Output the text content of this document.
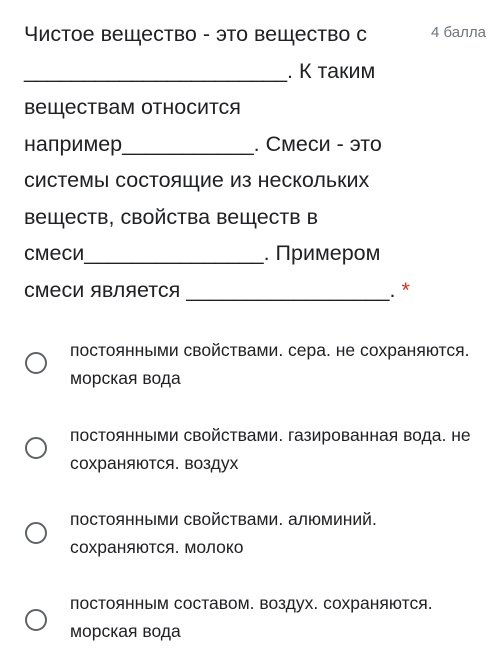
Чистое вещество - это вещество с ______________________. К таким веществам относится например___________. Смеси - это системы состоящие из нескольких веществ, свойства веществ в смеси_______________. Примером смеси является _________________. *
4 балла
постоянными свойствами. сера. не сохраняются. морская вода
постоянными свойствами. газированная вода. не сохраняются. воздух
постоянными свойствами. алюминий. сохраняются. молоко
постоянным составом. воздух. сохраняются. морская вода
